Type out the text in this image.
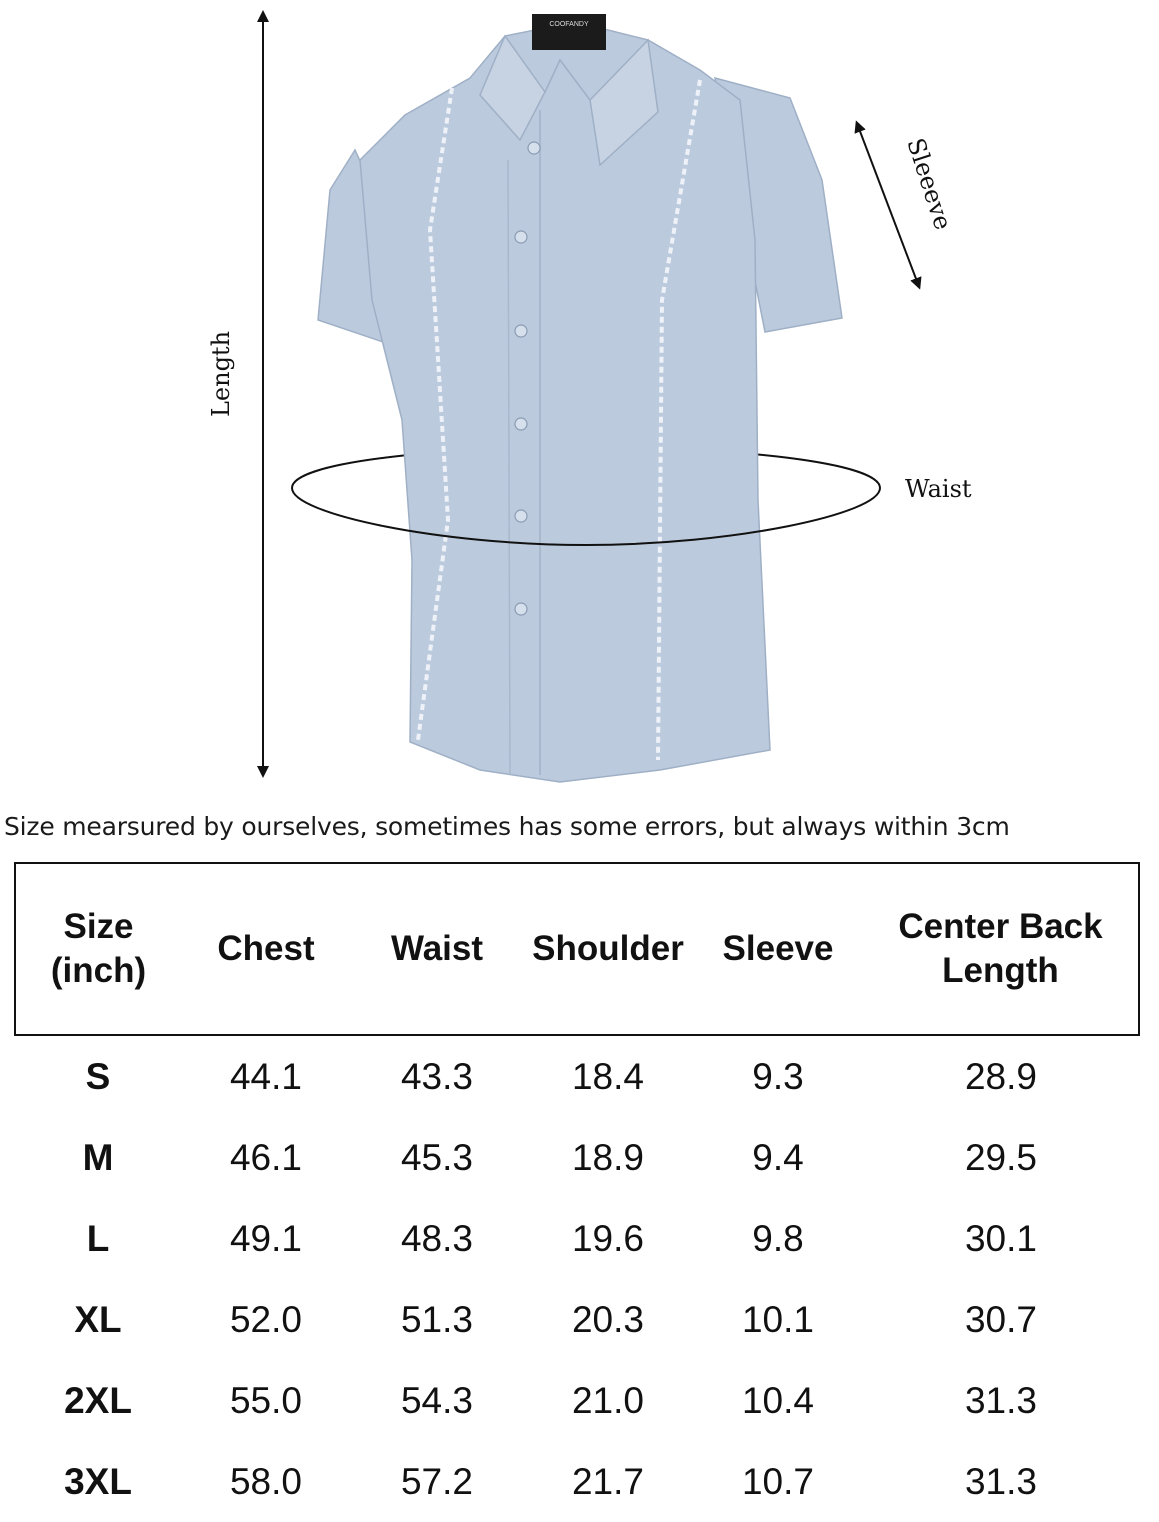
COOFANDY
Length
Sleeeve
Waist
Size mearsured by ourselves, sometimes has some errors, but always within 3cm
Size
(inch)	Chest	Waist	Shoulder	Sleeve	Center Back
Length
S	44.1	43.3	18.4	9.3	28.9
M	46.1	45.3	18.9	9.4	29.5
L	49.1	48.3	19.6	9.8	30.1
XL	52.0	51.3	20.3	10.1	30.7
2XL	55.0	54.3	21.0	10.4	31.3
3XL	58.0	57.2	21.7	10.7	31.3
